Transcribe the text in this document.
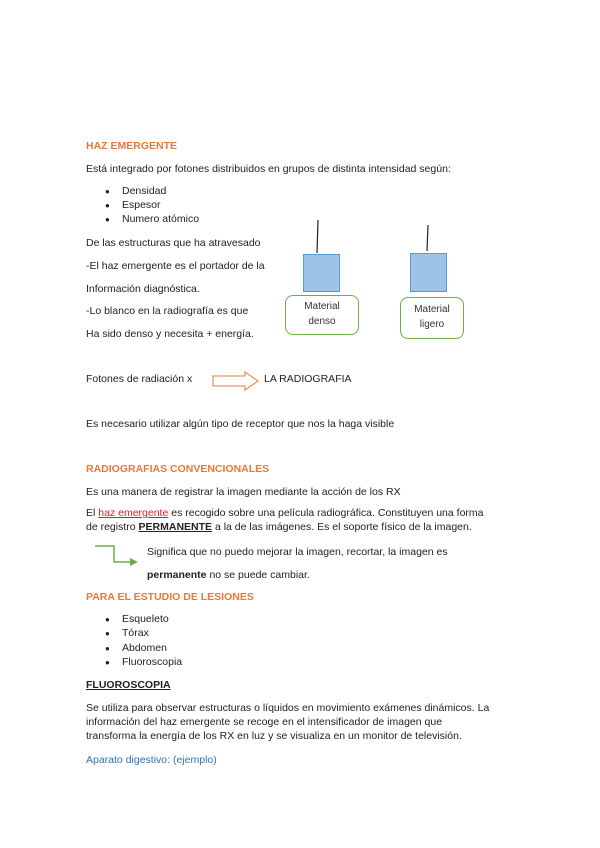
HAZ EMERGENTE
Está integrado por fotones distribuidos en grupos de distinta intensidad según:
● Densidad
● Espesor
● Numero atómico
De las estructuras que ha atravesado
-El haz emergente es el portador de la
Información diagnóstica.
-Lo blanco en la radiografía es que
Ha sido denso y necesita + energía.
Material
denso
Material
ligero
Fotones de radiación x	LA RADIOGRAFIA
Es necesario utilizar algún tipo de receptor que nos la haga visible
RADIOGRAFIAS CONVENCIONALES
Es una manera de registrar la imagen mediante la acción de los RX
El haz emergente es recogido sobre una película radiográfica. Constituyen una forma
de registro PERMANENTE a la de las imágenes. Es el soporte físico de la imagen.
Significa que no puedo mejorar la imagen, recortar, la imagen es
permanente no se puede cambiar.
PARA EL ESTUDIO DE LESIONES
● Esqueleto
● Tórax
● Abdomen
● Fluoroscopia
FLUOROSCOPIA
Se utiliza para observar estructuras o líquidos en movimiento exámenes dinámicos. La
información del haz emergente se recoge en el intensificador de imagen que
transforma la energía de los RX en luz y se visualiza en un monitor de televisión.
Aparato digestivo: (ejemplo)
